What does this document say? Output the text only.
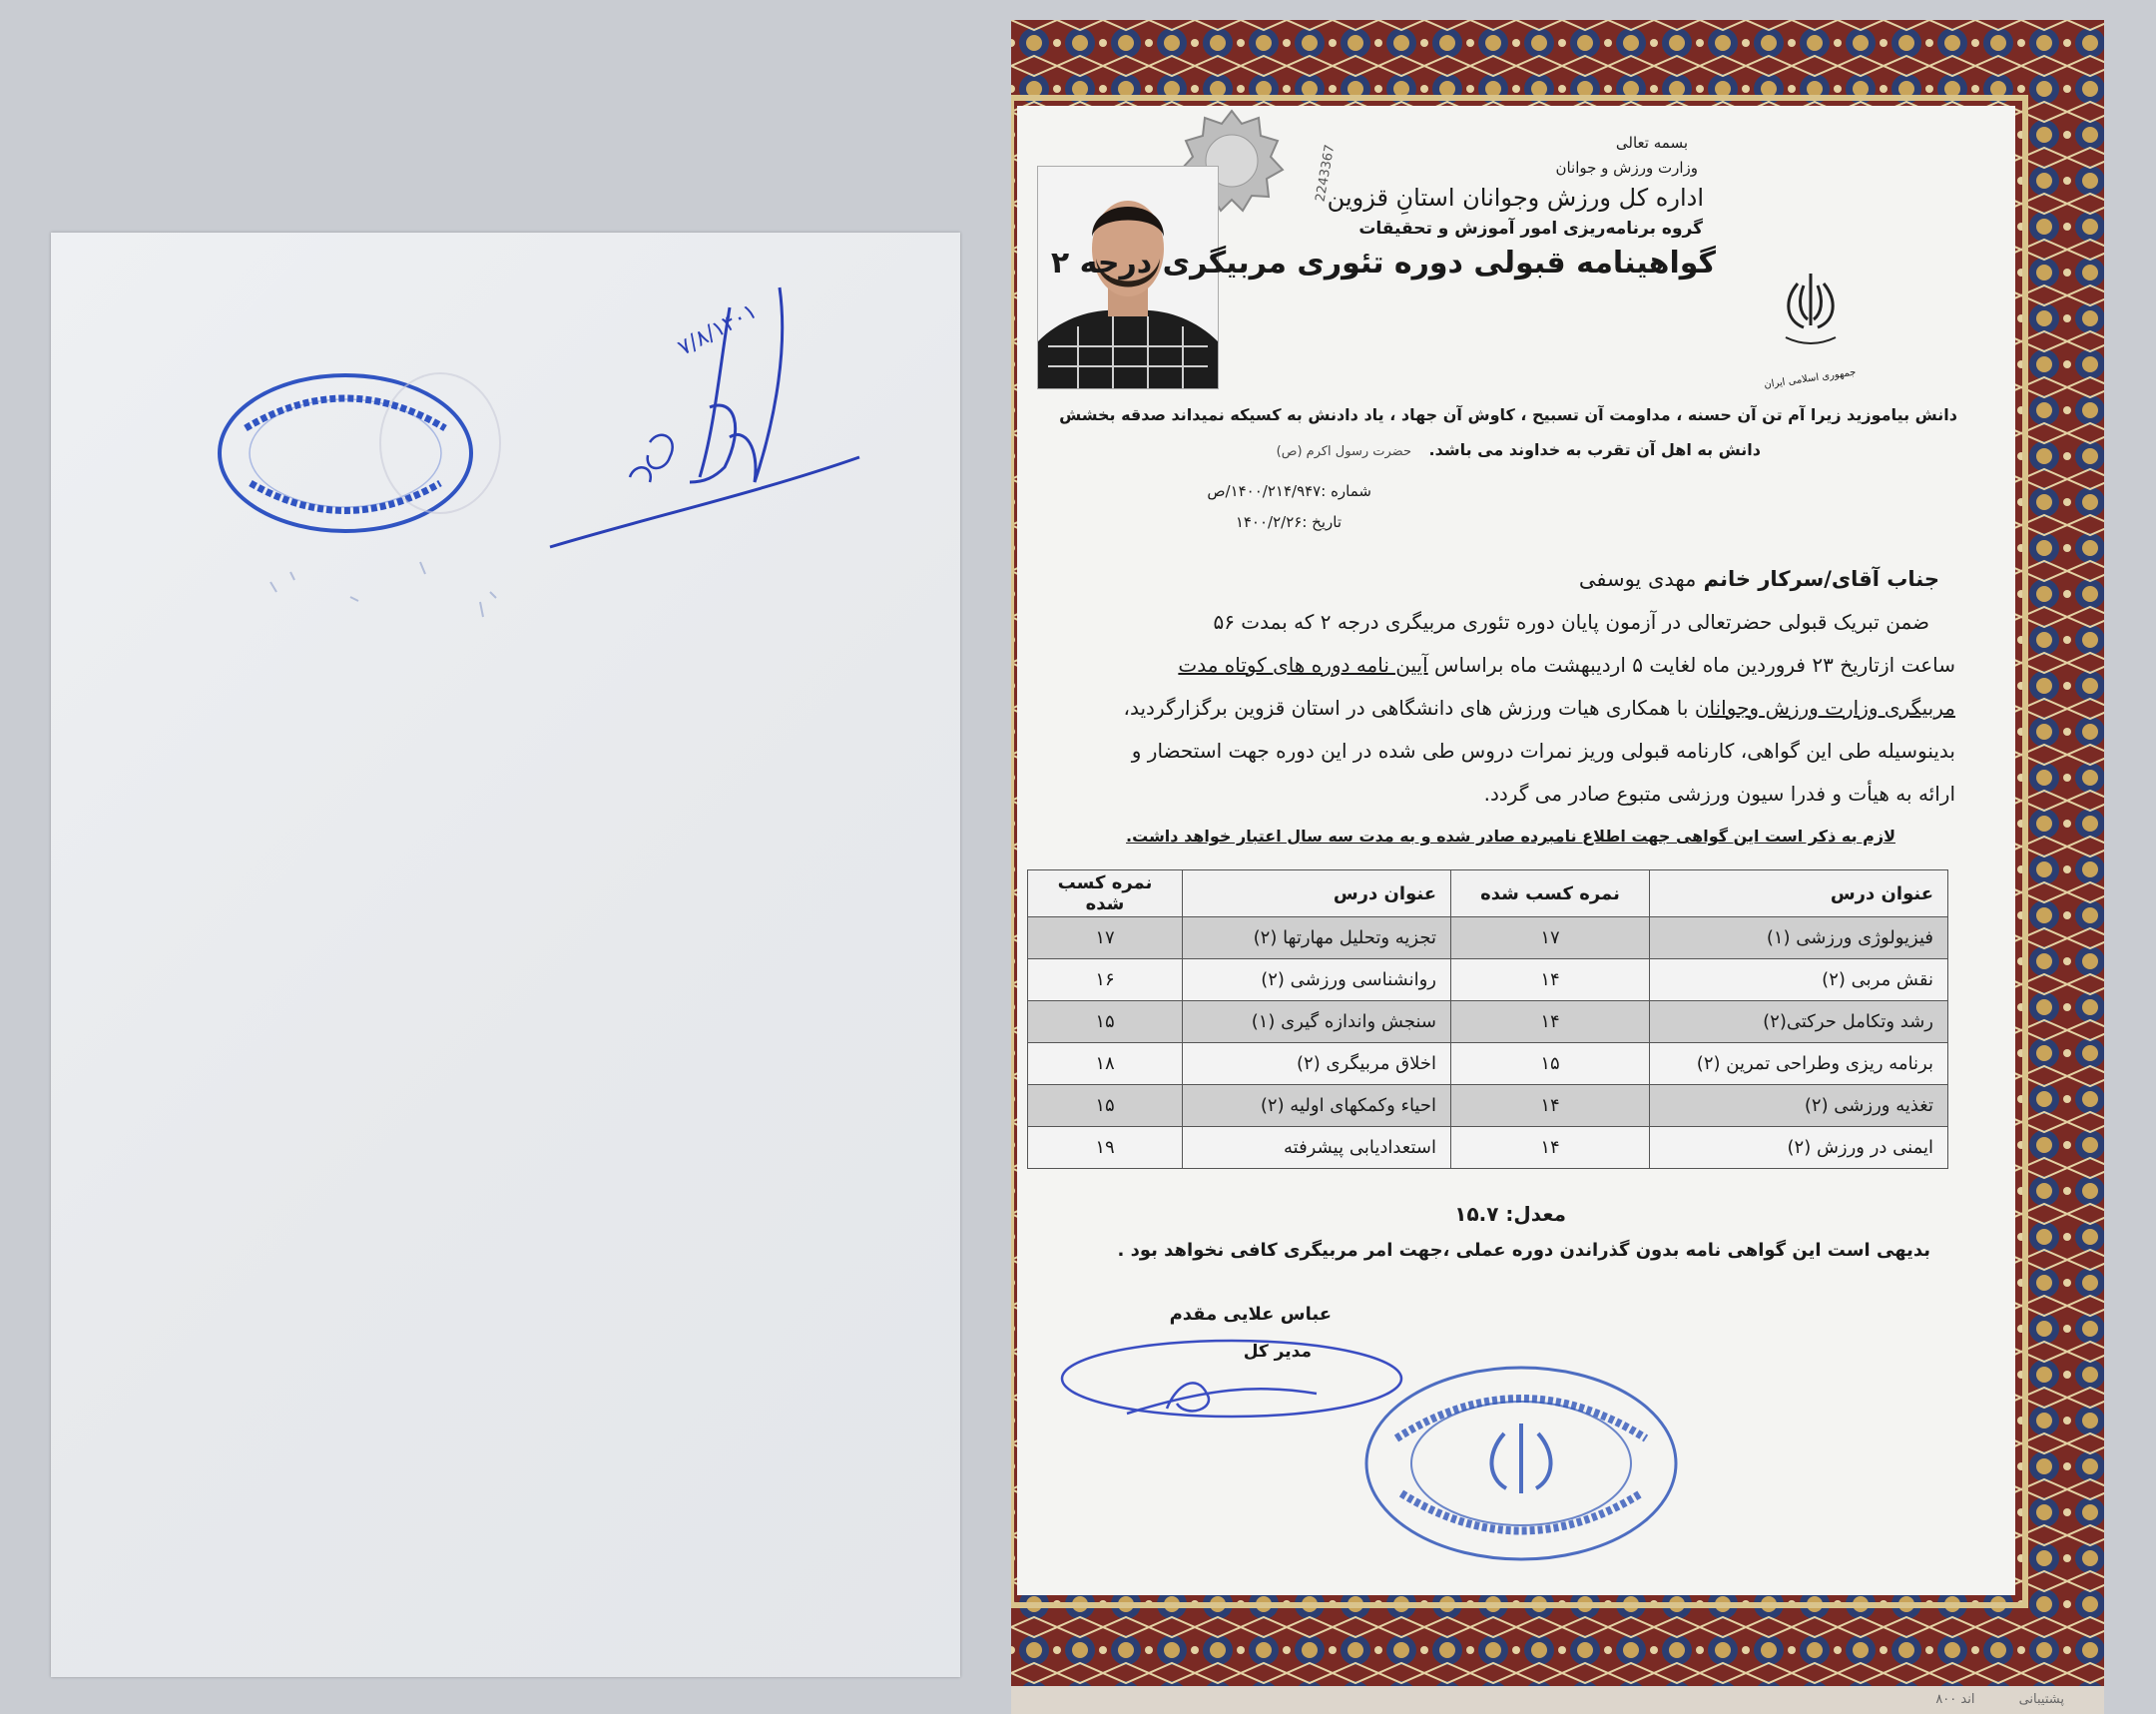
۷/۸/۱۴۰۱
2243367
بسمه تعالی
وزارت ورزش و جوانان
اداره کل ورزش وجوانان استانِ قزوین
گروه برنامه‌ریزی امور آموزش و تحقیقات
گواهینامه قبولی دوره تئوری مربیگری درجه ۲
جمهوری اسلامی ایران
دانش بیاموزید زیرا آم تن آن حسنه ، مداومت آن تسبیح ، کاوش آن جهاد ، یاد دادنش به کسیکه نمیداند صدقه بخشش
دانش به اهل آن تقرب به خداوند می باشد.
حضرت رسول اکرم (ص)
شماره :۱۴۰۰/۲۱۴/۹۴۷/ص
تاریخ :۱۴۰۰/۲/۲۶
جناب آقای/سرکار خانم مهدی یوسفی
ضمن تبریک قبولی حضرتعالی در آزمون پایان دوره تئوری مربیگری درجه ۲ که بمدت ۵۶
ساعت ازتاریخ ۲۳ فروردین ماه لغایت ۵ اردیبهشت ماه براساس آیین نامه دوره های کوتاه مدت
مربیگری وزارت ورزش وجوانان با همکاری هیات ورزش های دانشگاهی در استان قزوین برگزارگردید،
بدینوسیله طی این گواهی، کارنامه قبولی وریز نمرات دروس طی شده در این دوره جهت استحضار و
ارائه به هیأت و فدرا سیون ورزشی متبوع صادر می گردد.
لازم به ذکر است این گواهی جهت اطلاع نامبرده صادر شده و به مدت سه سال اعتبار خواهد داشت.
عنوان درس	نمره کسب شده	عنوان درس	نمره کسب شده
فیزیولوژی ورزشی (۱)	۱۷	تجزیه وتحلیل مهارتها (۲)	۱۷
نقش مربی (۲)	۱۴	روانشناسی ورزشی (۲)	۱۶
رشد وتکامل حرکتی(۲)	۱۴	سنجش واندازه گیری (۱)	۱۵
برنامه ریزی وطراحی تمرین (۲)	۱۵	اخلاق مربیگری (۲)	۱۸
تغذیه ورزشی (۲)	۱۴	احیاء وکمکهای اولیه (۲)	۱۵
ایمنی در ورزش (۲)	۱۴	استعدادیابی پیشرفته	۱۹
معدل: ۱۵.۷
بدیهی است این گواهی نامه بدون گذراندن دوره عملی ،جهت امر مربیگری کافی نخواهد بود .
عباس علایی مقدم
مدیر کل
پشتیبانی اند ۸۰۰
